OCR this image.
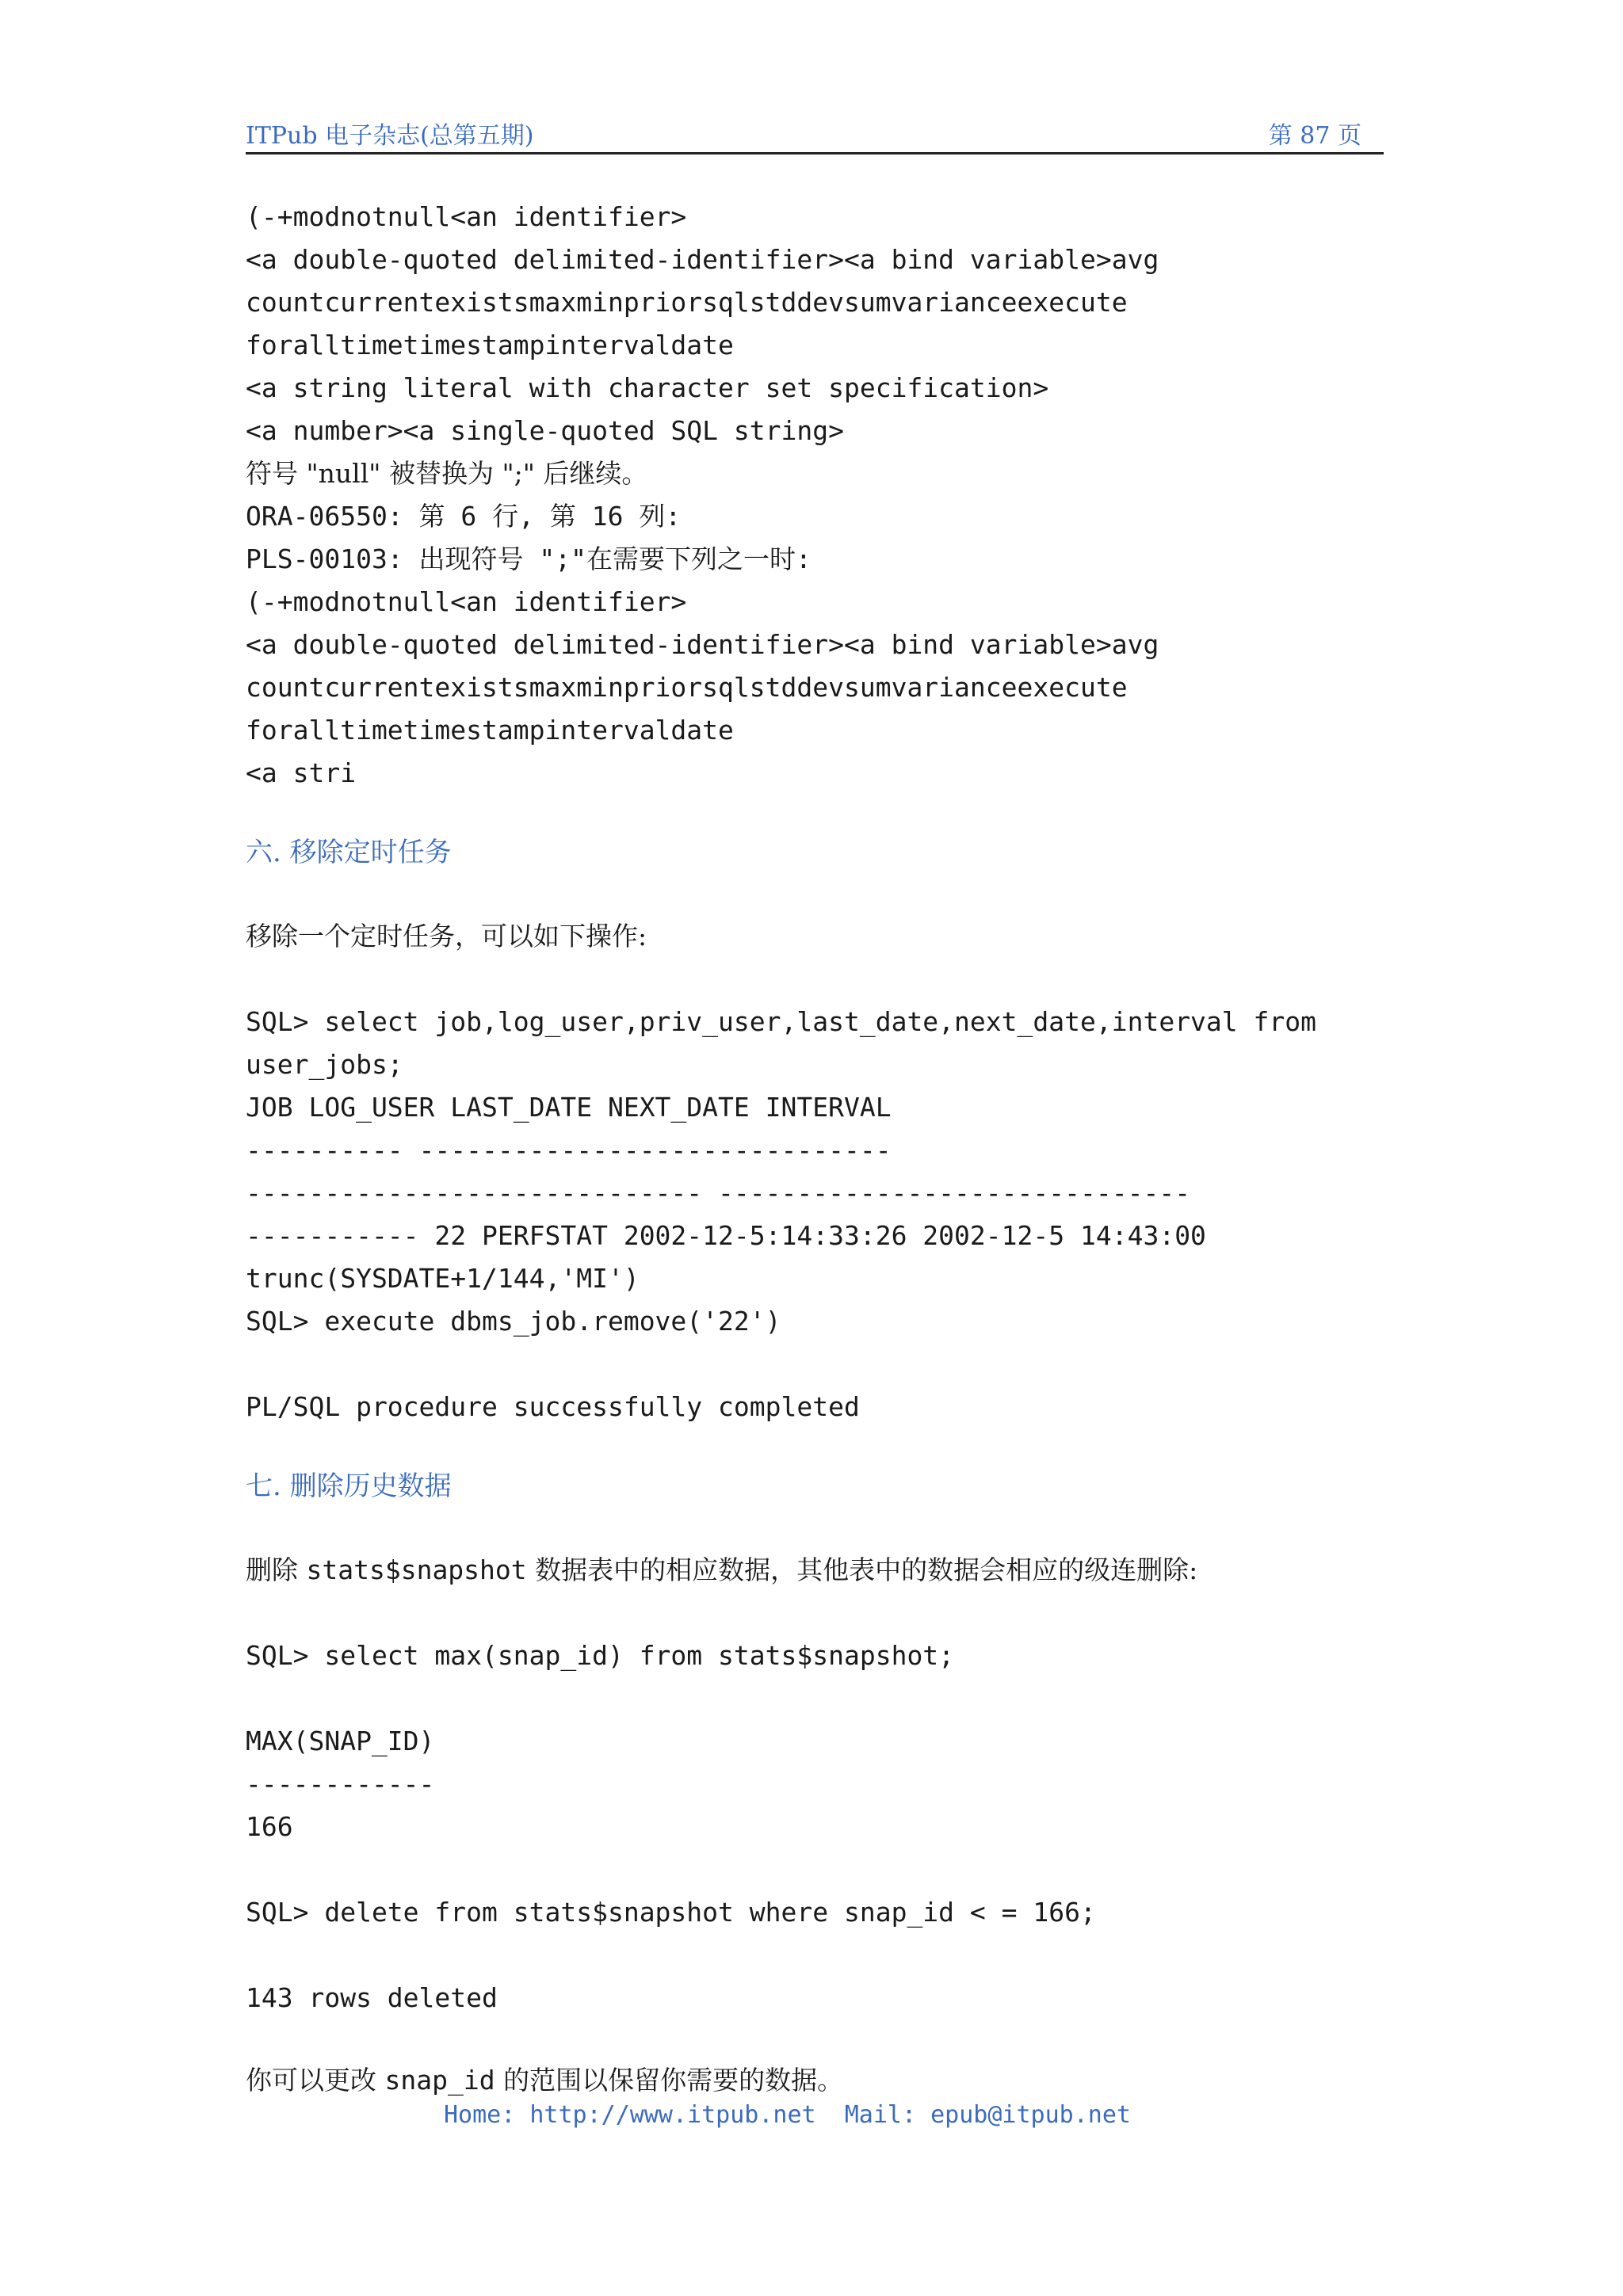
ITPub 电子杂志(总第五期)	第 87 页
(-+modnotnull<an identifier>
<a double-quoted delimited-identifier><a bind variable>avg
countcurrentexistsmaxminpriorsqlstddevsumvarianceexecute
foralltimetimestampintervaldate
<a string literal with character set specification>
<a number><a single-quoted SQL string>
符号 "null" 被替换为 ";" 后继续。
ORA-06550: 第 6 行, 第 16 列:
PLS-00103: 出现符号 ";"在需要下列之一时:
(-+modnotnull<an identifier>
<a double-quoted delimited-identifier><a bind variable>avg
countcurrentexistsmaxminpriorsqlstddevsumvarianceexecute
foralltimetimestampintervaldate
<a stri
六. 移除定时任务
移除一个定时任务，可以如下操作:
SQL> select job,log_user,priv_user,last_date,next_date,interval from
user_jobs;
JOB LOG_USER LAST_DATE NEXT_DATE INTERVAL
---------- ------------------------------
----------------------------- ------------------------------
----------- 22 PERFSTAT 2002-12-5:14:33:26 2002-12-5 14:43:00
trunc(SYSDATE+1/144,'MI')
SQL> execute dbms_job.remove('22')
PL/SQL procedure successfully completed
七. 删除历史数据
删除 stats$snapshot 数据表中的相应数据，其他表中的数据会相应的级连删除:
SQL> select max(snap_id) from stats$snapshot;
MAX(SNAP_ID)
------------
166
SQL> delete from stats$snapshot where snap_id < = 166;
143 rows deleted
你可以更改 snap_id 的范围以保留你需要的数据。
Home: http://www.itpub.net  Mail: epub@itpub.net
